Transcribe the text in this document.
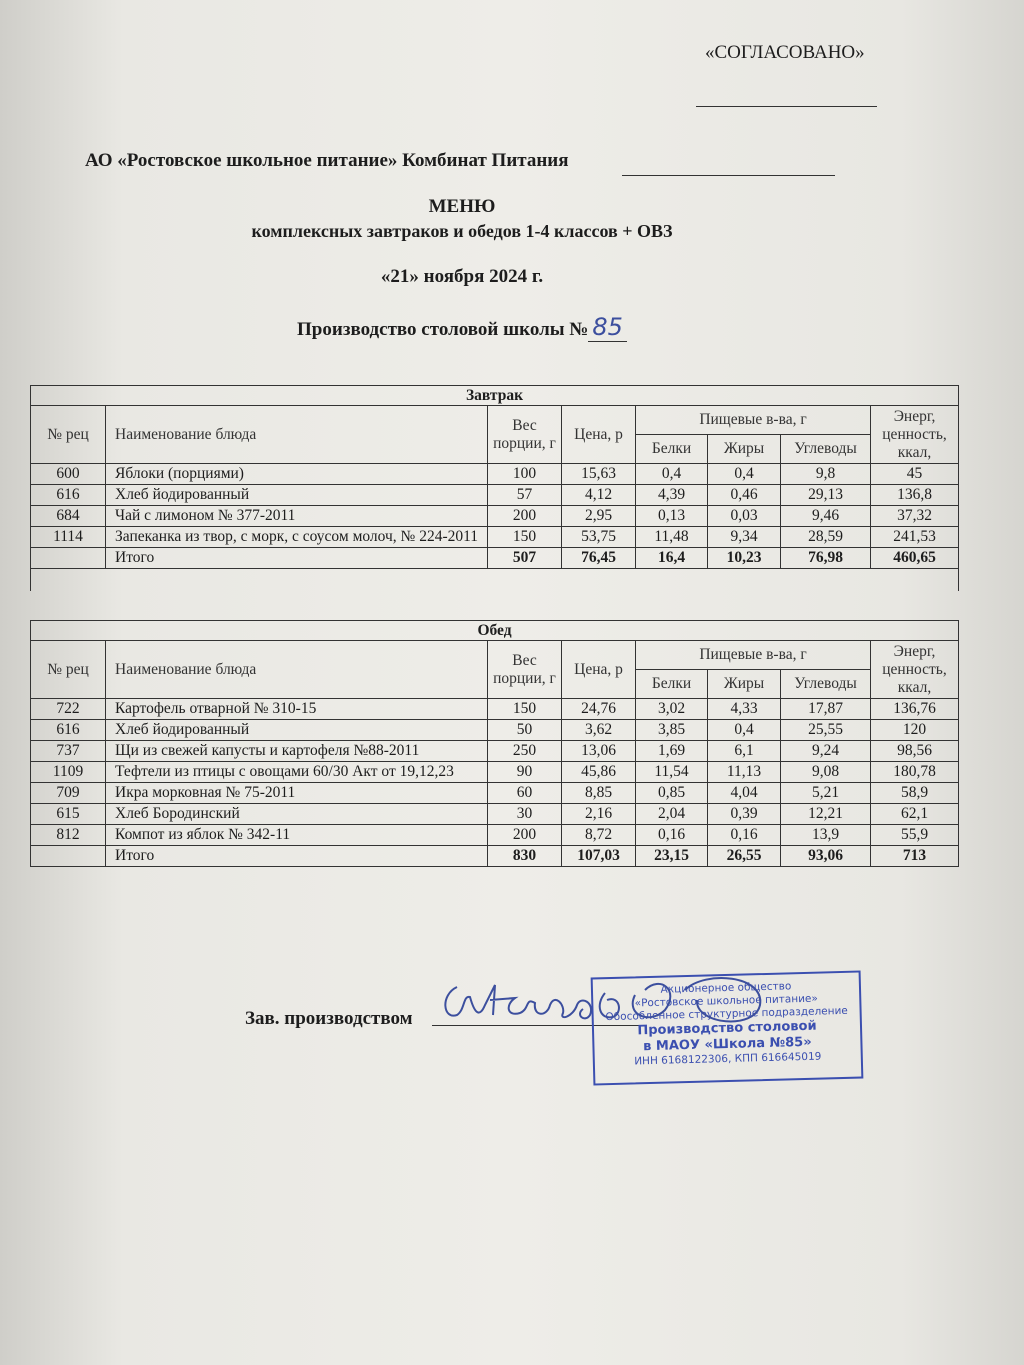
«СОГЛАСОВАНО»
АО «Ростовское школьное питание» Комбинат Питания
МЕНЮ
комплексных завтраков и обедов 1-4 классов + ОВЗ
«21» ноября 2024 г.
Производство столовой школы № 85
Завтрак							
№ рец	Наименование блюда	Вес порции, г	Цена, р	Пищевые в-ва, г			Энерг, ценность, ккал,
				Белки	Жиры	Углеводы	
600	Яблоки (порциями)	100	15,63	0,4	0,4	9,8	45
616	Хлеб йодированный	57	4,12	4,39	0,46	29,13	136,8
684	Чай с лимоном № 377-2011	200	2,95	0,13	0,03	9,46	37,32
1114	Запеканка из твор, с морк, с соусом молоч, № 224-2011	150	53,75	11,48	9,34	28,59	241,53
	Итого	507	76,45	16,4	10,23	76,98	460,65

Обед							
№ рец	Наименование блюда	Вес порции, г	Цена, р	Пищевые в-ва, г			Энерг, ценность, ккал,
				Белки	Жиры	Углеводы	
722	Картофель отварной № 310-15	150	24,76	3,02	4,33	17,87	136,76
616	Хлеб йодированный	50	3,62	3,85	0,4	25,55	120
737	Щи из свежей капусты и картофеля №88-2011	250	13,06	1,69	6,1	9,24	98,56
1109	Тефтели из птицы с овощами 60/30 Акт от 19,12,23	90	45,86	11,54	11,13	9,08	180,78
709	Икра морковная № 75-2011	60	8,85	0,85	4,04	5,21	58,9
615	Хлеб Бородинский	30	2,16	2,04	0,39	12,21	62,1
812	Компот из яблок № 342-11	200	8,72	0,16	0,16	13,9	55,9
	Итого	830	107,03	23,15	26,55	93,06	713
Зав. производством
Акционерное общество
«Ростовское школьное питание»
Обособленное структурное подразделение
Производство столовой
в МАОУ «Школа №85»
ИНН 6168122306, КПП 616645019
